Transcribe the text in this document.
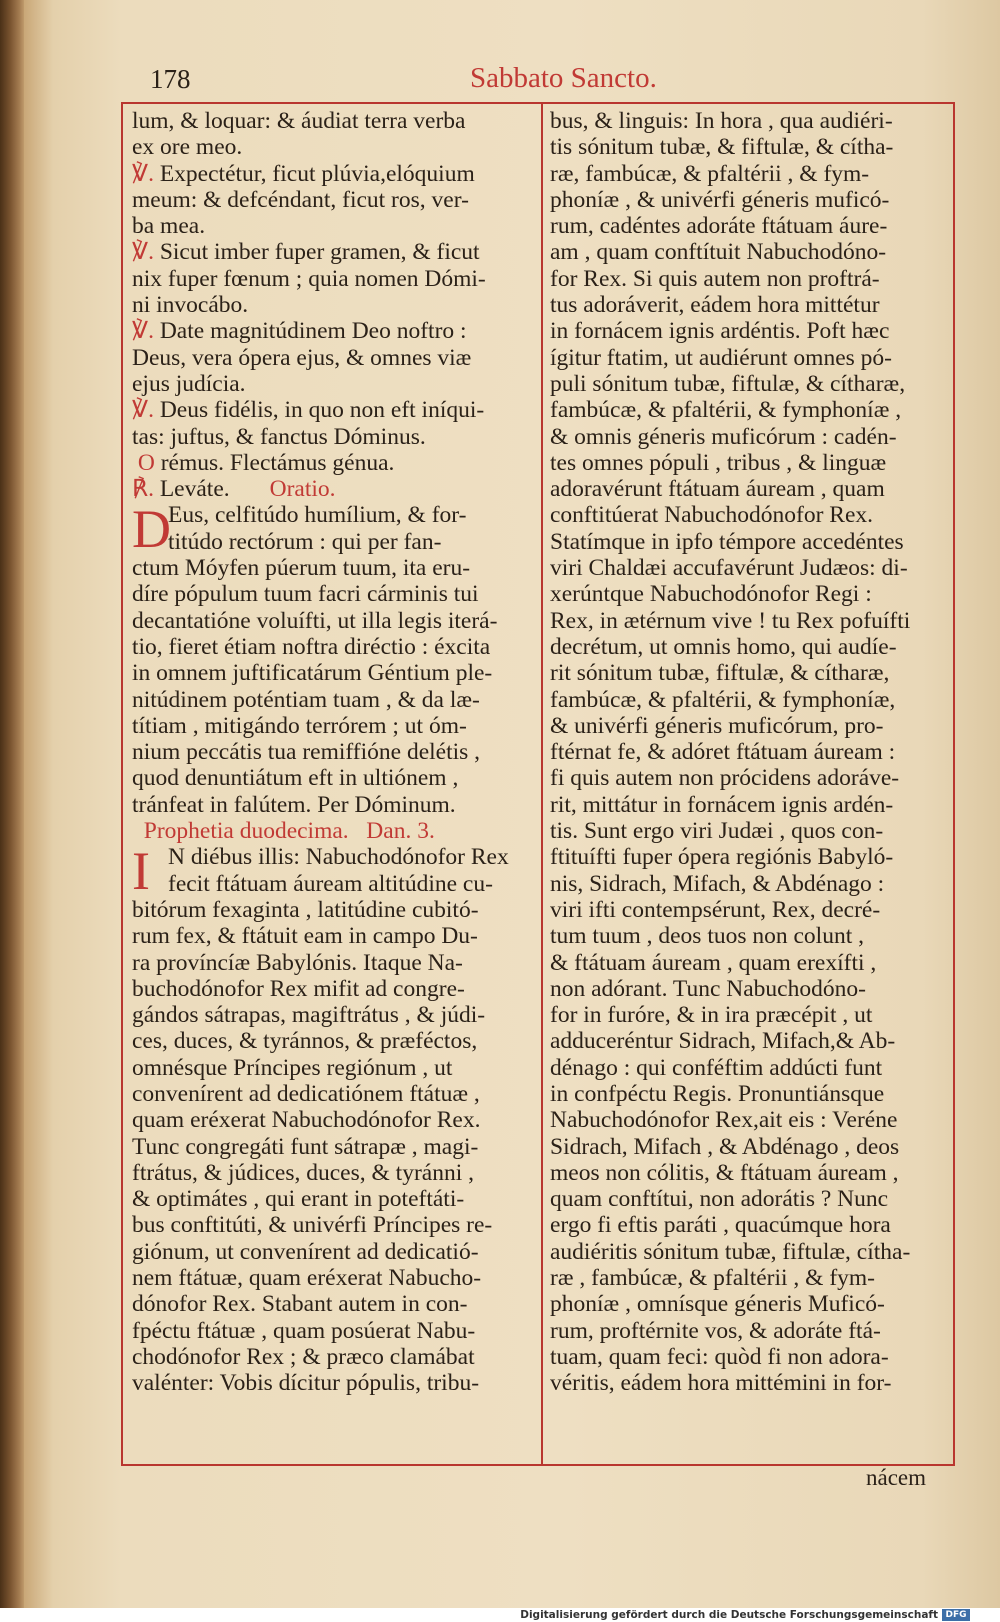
178	Sabbato Sancto.
lum, & loquar: & áudiat terra verba
ex ore meo.
℣. Expectétur, ficut plúvia,elóquium
meum: & defcéndant, ficut ros, ver-
ba mea.
℣. Sicut imber fuper gramen, & ficut
nix fuper fœnum ; quia nomen Dómi-
ni invocábo.
℣. Date magnitúdinem Deo noftro :
Deus, vera ópera ejus, & omnes viæ
ejus judícia.
℣. Deus fidélis, in quo non eft iníqui-
tas: juftus, & fanctus Dóminus.
O rémus. Flectámus génua.
℟. Leváte. Oratio.
D
Eus, celfitúdo humílium, & for-
titúdo rectórum : qui per fan-
ctum Móyfen púerum tuum, ita eru-
díre pópulum tuum facri cárminis tui
decantatióne voluífti, ut illa legis iterá-
tio, fieret étiam noftra diréctio : éxcita
in omnem juftificatárum Géntium ple-
nitúdinem poténtiam tuam , & da læ-
títiam , mitigándo terrórem ; ut óm-
nium peccátis tua remiffióne delétis ,
quod denuntiátum eft in ultiónem ,
tránfeat in falútem. Per Dóminum.
Prophetia duodecima. Dan. 3.
I N diébus illis: Nabuchodónofor Rex
fecit ftátuam áuream altitúdine cu-
bitórum fexaginta , latitúdine cubitó-
rum fex, & ftátuit eam in campo Du-
ra províncíæ Babylónis. Itaque Na-
buchodónofor Rex mifit ad congre-
gándos sátrapas, magiftrátus , & júdi-
ces, duces, & tyránnos, & præféctos,
omnésque Príncipes regiónum , ut
convenírent ad dedicatiónem ftátuæ ,
quam eréxerat Nabuchodónofor Rex.
Tunc congregáti funt sátrapæ , magi-
ftrátus, & júdices, duces, & tyránni ,
& optimátes , qui erant in poteftáti-
bus conftitúti, & univérfi Príncipes re-
giónum, ut convenírent ad dedicatió-
nem ftátuæ, quam eréxerat Nabucho-
dónofor Rex. Stabant autem in con-
fpéctu ftátuæ , quam posúerat Nabu-
chodónofor Rex ; & præco clamábat
valénter: Vobis dícitur pópulis, tribu-
bus, & linguis: In hora , qua audiéri-
tis sónitum tubæ, & fiftulæ, & cítha-
ræ, fambúcæ, & pfaltérii , & fym-
phoníæ , & univérfi géneris muficó-
rum, cadéntes adoráte ftátuam áure-
am , quam conftítuit Nabuchodóno-
for Rex. Si quis autem non proftrá-
tus adoráverit, eádem hora mittétur
in fornácem ignis ardéntis. Poft hæc
ígitur ftatim, ut audiérunt omnes pó-
puli sónitum tubæ, fiftulæ, & cítharæ,
fambúcæ, & pfaltérii, & fymphoníæ ,
& omnis géneris muficórum : cadén-
tes omnes pópuli , tribus , & linguæ
adoravérunt ftátuam áuream , quam
conftitúerat Nabuchodónofor Rex.
Statímque in ipfo témpore accedéntes
viri Chaldæi accufavérunt Judæos: di-
xerúntque Nabuchodónofor Regi :
Rex, in ætérnum vive ! tu Rex pofuífti
decrétum, ut omnis homo, qui audíe-
rit sónitum tubæ, fiftulæ, & cítharæ,
fambúcæ, & pfaltérii, & fymphoníæ,
& univérfi géneris muficórum, pro-
ftérnat fe, & adóret ftátuam áuream :
fi quis autem non prócidens adoráve-
rit, mittátur in fornácem ignis ardén-
tis. Sunt ergo viri Judæi , quos con-
ftituífti fuper ópera regiónis Babyló-
nis, Sidrach, Mifach, & Abdénago :
viri ifti contempsérunt, Rex, decré-
tum tuum , deos tuos non colunt ,
& ftátuam áuream , quam erexífti ,
non adórant. Tunc Nabuchodóno-
for in furóre, & in ira præcépit , ut
adduceréntur Sidrach, Mifach,& Ab-
dénago : qui conféftim addúcti funt
in confpéctu Regis. Pronuntiánsque
Nabuchodónofor Rex,ait eis : Veréne
Sidrach, Mifach , & Abdénago , deos
meos non cólitis, & ftátuam áuream ,
quam conftítui, non adorátis ? Nunc
ergo fi eftis paráti , quacúmque hora
audiéritis sónitum tubæ, fiftulæ, cítha-
ræ , fambúcæ, & pfaltérii , & fym-
phoníæ , omnísque géneris Muficó-
rum, proftérnite vos, & adoráte ftá-
tuam, quam feci: quòd fi non adora-
véritis, eádem hora mittémini in for-
nácem
Digitalisierung gefördert durch die Deutsche Forschungsgemeinschaft DFG
